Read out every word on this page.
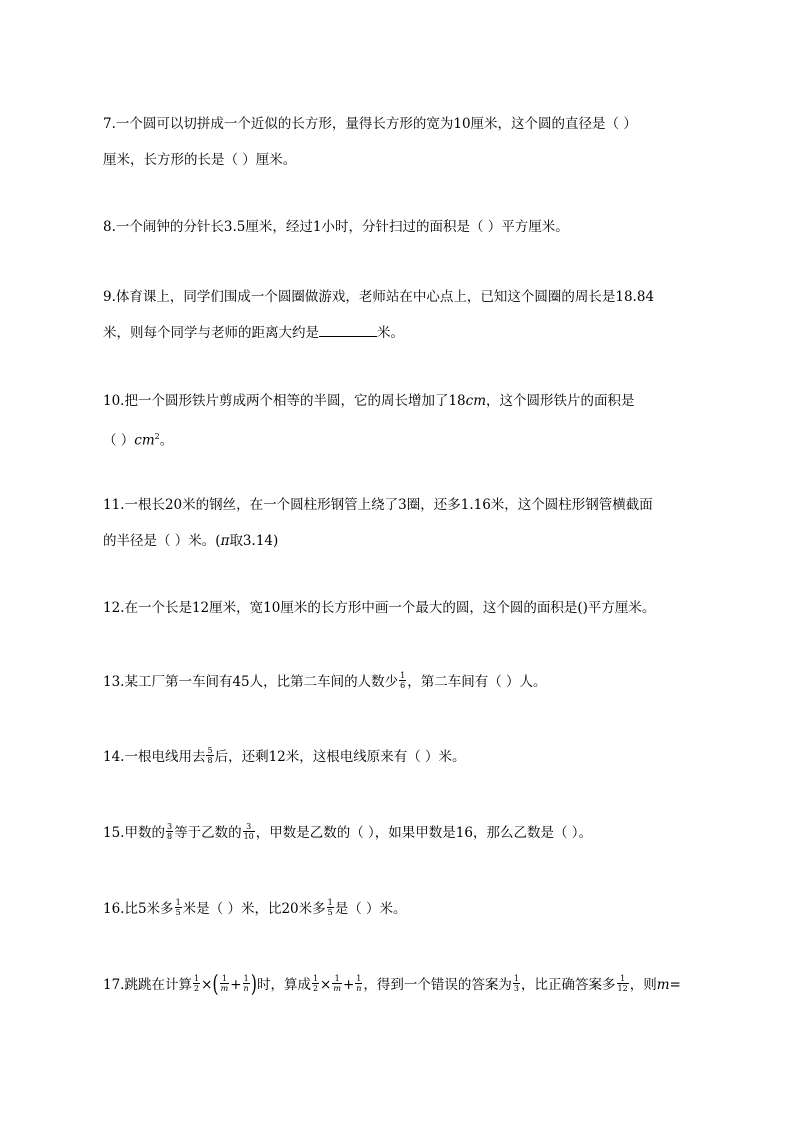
7.一个圆可以切拼成一个近似的长方形，量得长方形的宽为10厘米，这个圆的直径是（ ）
厘米，长方形的长是（ ）厘米。
8.一个闹钟的分针长3.5厘米，经过1小时，分针扫过的面积是（ ）平方厘米。
9.体育课上，同学们围成一个圆圈做游戏，老师站在中心点上，已知这个圆圈的周长是18.84
米，则每个同学与老师的距离大约是	米。
10.把一个圆形铁片剪成两个相等的半圆，它的周长增加了18cm，这个圆形铁片的面积是
（ ）$cm^2$。
11.一根长20米的钢丝，在一个圆柱形钢管上绕了3圈，还多1.16米，这个圆柱形钢管横截面
的半径是（ ）米。(π取3.14)
12.在一个长是12厘米，宽10厘米的长方形中画一个最大的圆，这个圆的面积是()平方厘米。
13.某工厂第一车间有45人，比第二车间的人数少 $\frac{1}{6}$ ，第二车间有（ ）人。
14.一根电线用去 $\frac{5}{8}$ 后，还剩12米，这根电线原来有（ ）米。
15.甲数的 $\frac{3}{8}$ 等于乙数的 $\frac{3}{10}$ ，甲数是乙数的（ ），如果甲数是16，那么乙数是（ ）。
16.比5米多 $\frac{1}{5}$ 米是（ ）米，比20米多 $\frac{1}{5}$ 是（ ）米。
17.跳跳在计算 $\frac{1}{2}$ ×( $\frac{1}{m} + \frac{1}{n}$ )时，算成 $\frac{1}{2} \times \frac{1}{m} + \frac{1}{n}$ ，得到一个错误的答案为 $\frac{1}{3}$ ，比正确答案多 $\frac{1}{12}$ ，则m=
